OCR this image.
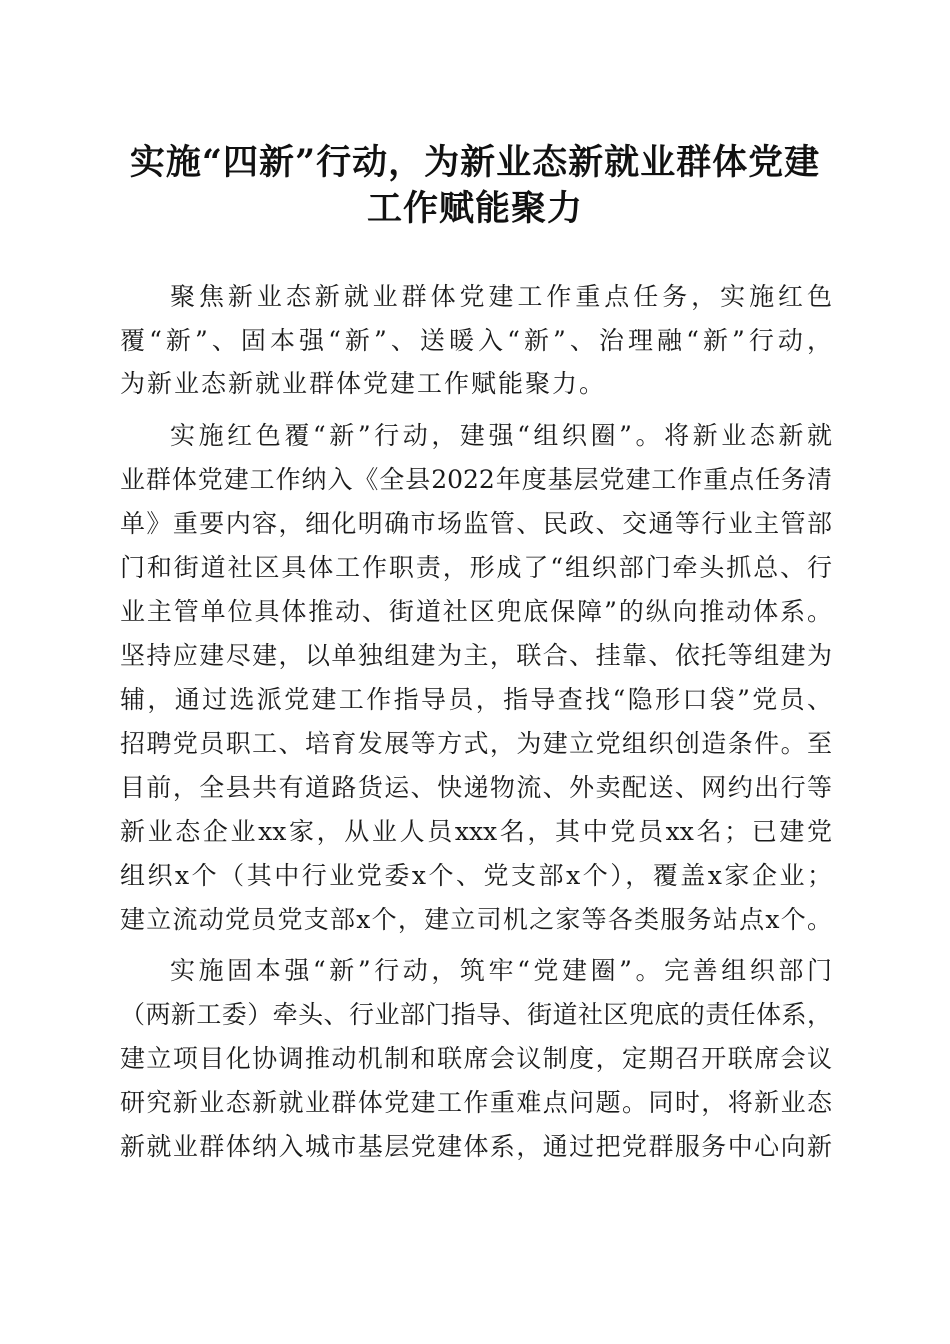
实施“四新”行动，为新业态新就业群体党建
工作赋能聚力
聚焦新业态新就业群体党建工作重点任务，实施红色
覆“新”、固本强“新”、送暖入“新”、治理融“新”行动，
为新业态新就业群体党建工作赋能聚力。
实施红色覆“新”行动，建强“组织圈”。将新业态新就
业群体党建工作纳入《全县2022年度基层党建工作重点任务清
单》重要内容，细化明确市场监管、民政、交通等行业主管部
门和街道社区具体工作职责，形成了“组织部门牵头抓总、行
业主管单位具体推动、街道社区兜底保障”的纵向推动体系。
坚持应建尽建，以单独组建为主，联合、挂靠、依托等组建为
辅，通过选派党建工作指导员，指导查找“隐形口袋”党员、
招聘党员职工、培育发展等方式，为建立党组织创造条件。至
目前，全县共有道路货运、快递物流、外卖配送、网约出行等
新业态企业xx家，从业人员xxx名，其中党员xx名；已建党
组织x个（其中行业党委x个、党支部x个），覆盖x家企业；
建立流动党员党支部x个，建立司机之家等各类服务站点x个。
实施固本强“新”行动，筑牢“党建圈”。完善组织部门
（两新工委）牵头、行业部门指导、街道社区兜底的责任体系，
建立项目化协调推动机制和联席会议制度，定期召开联席会议
研究新业态新就业群体党建工作重难点问题。同时，将新业态
新就业群体纳入城市基层党建体系，通过把党群服务中心向新
